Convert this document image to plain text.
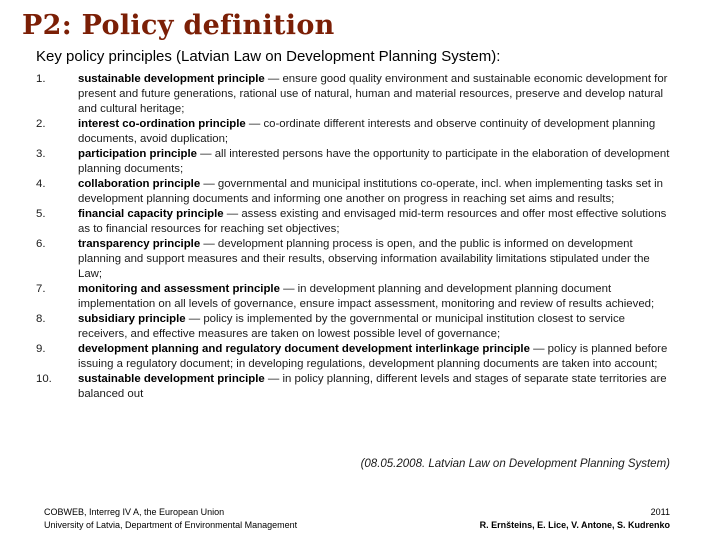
P2: Policy definition
Key policy principles (Latvian Law on Development Planning System):
1.	sustainable development principle — ensure good quality environment and sustainable economic development for present and future generations, rational use of natural, human and material resources, preserve and develop natural and cultural heritage;
2.	interest co-ordination principle — co-ordinate different interests and observe continuity of development planning documents, avoid duplication;
3.	participation principle — all interested persons have the opportunity to participate in the elaboration of development planning documents;
4.	collaboration principle — governmental and municipal institutions co-operate, incl. when implementing tasks set in development planning documents and informing one another on progress in reaching set aims and results;
5.	financial capacity principle — assess existing and envisaged mid-term resources and offer most effective solutions as to financial resources for reaching set objectives;
6.	transparency principle — development planning process is open, and the public is informed on development planning and support measures and their results, observing information availability limitations stipulated under the Law;
7.	monitoring and assessment principle — in development planning and development planning document implementation on all levels of governance, ensure impact assessment, monitoring and review of results achieved;
8.	subsidiary principle — policy is implemented by the governmental or municipal institution closest to service receivers, and effective measures are taken on lowest possible level of governance;
9.	development planning and regulatory document development interlinkage principle — policy is planned before issuing a regulatory document; in developing regulations, development planning documents are taken into account;
10. sustainable development principle — in policy planning, different levels and stages of separate state territories are balanced out
(08.05.2008. Latvian Law on Development Planning System)
COBWEB, Interreg IV A, the European Union
University of Latvia, Department of Environmental Management
2011
R. Ernšteins, E. Lice, V. Antone, S. Kudrenko
